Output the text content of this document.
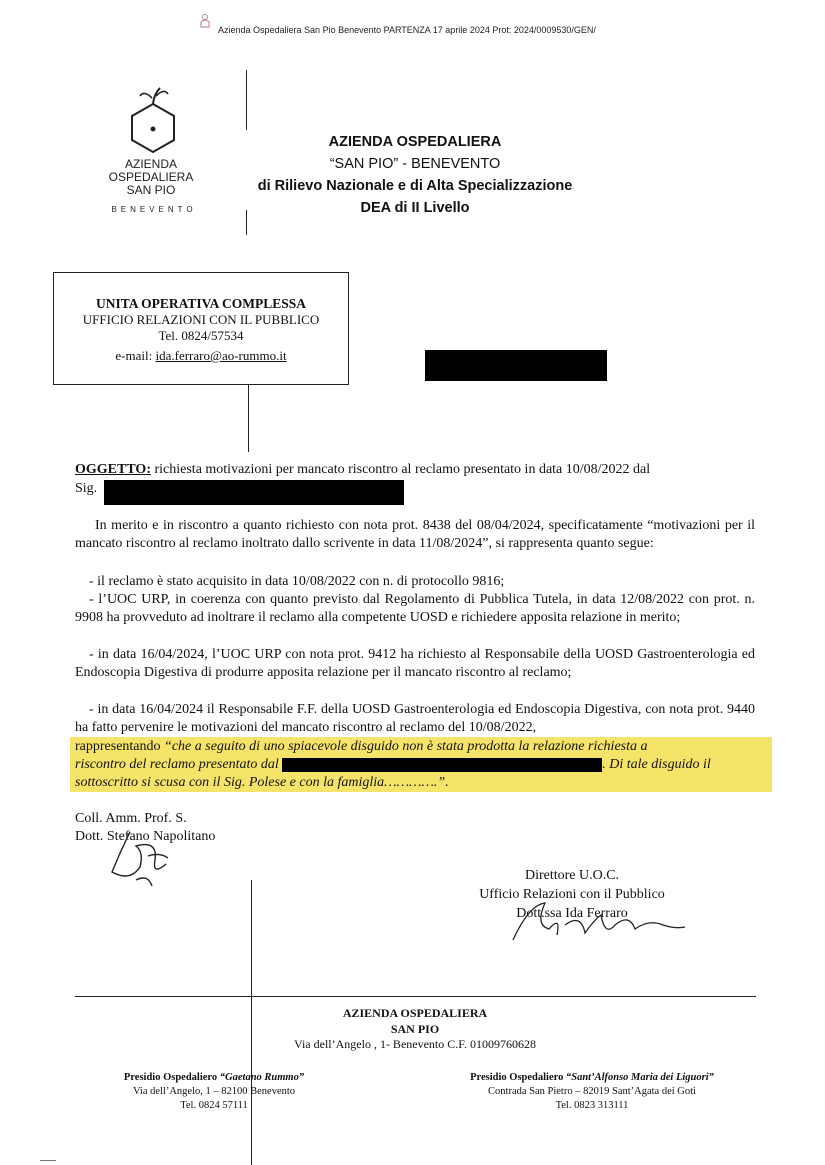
Azienda Ospedaliera San Pio Benevento PARTENZA 17 aprile 2024 Prot: 2024/0009530/GEN/
AZIENDA
OSPEDALIERA
SAN PIO
BENEVENTO
AZIENDA OSPEDALIERA
“SAN PIO” - BENEVENTO
di Rilievo Nazionale e di Alta Specializzazione
DEA di II Livello
UNITA OPERATIVA COMPLESSA
UFFICIO RELAZIONI CON IL PUBBLICO
Tel. 0824/57534
e-mail: ida.ferraro@ao-rummo.it
OGGETTO: richiesta motivazioni per mancato riscontro al reclamo presentato in data 10/08/2022 dal
Sig.
In merito e in riscontro a quanto richiesto con nota prot. 8438 del 08/04/2024, specificatamente “motivazioni per il mancato riscontro al reclamo inoltrato dallo scrivente in data 11/08/2024”, si rappresenta quanto segue:
- il reclamo è stato acquisito in data 10/08/2022 con n. di protocollo 9816;
- l’UOC URP, in coerenza con quanto previsto dal Regolamento di Pubblica Tutela, in data 12/08/2022 con prot. n. 9908 ha provveduto ad inoltrare il reclamo alla competente UOSD e richiedere apposita relazione in merito;
- in data 16/04/2024, l’UOC URP con nota prot. 9412 ha richiesto al Responsabile della UOSD Gastroenterologia ed Endoscopia Digestiva di produrre apposita relazione per il mancato riscontro al reclamo;
- in data 16/04/2024 il Responsabile F.F. della UOSD Gastroenterologia ed Endoscopia Digestiva, con nota prot. 9440 ha fatto pervenire le motivazioni del mancato riscontro al reclamo del 10/08/2022,
rappresentando “che a seguito di uno spiacevole disguido non è stata prodotta la relazione richiesta a
riscontro del reclamo presentato dal	. Di tale disguido il
sottoscritto si scusa con il Sig. Polese e con la famiglia………….”.
Coll. Amm. Prof. S.
Dott. Stefano Napolitano
Direttore U.O.C.
Ufficio Relazioni con il Pubblico
Dott.ssa Ida Ferraro
AZIENDA OSPEDALIERA
SAN PIO
Via dell’Angelo , 1- Benevento C.F. 01009760628
Presidio Ospedaliero “Gaetano Rummo”
Via dell’Angelo, 1 – 82100 Benevento
Tel. 0824 57111
Presidio Ospedaliero “Sant’Alfonso Maria dei Liguori”
Contrada San Pietro – 82019 Sant’Agata dei Goti
Tel. 0823 313111
